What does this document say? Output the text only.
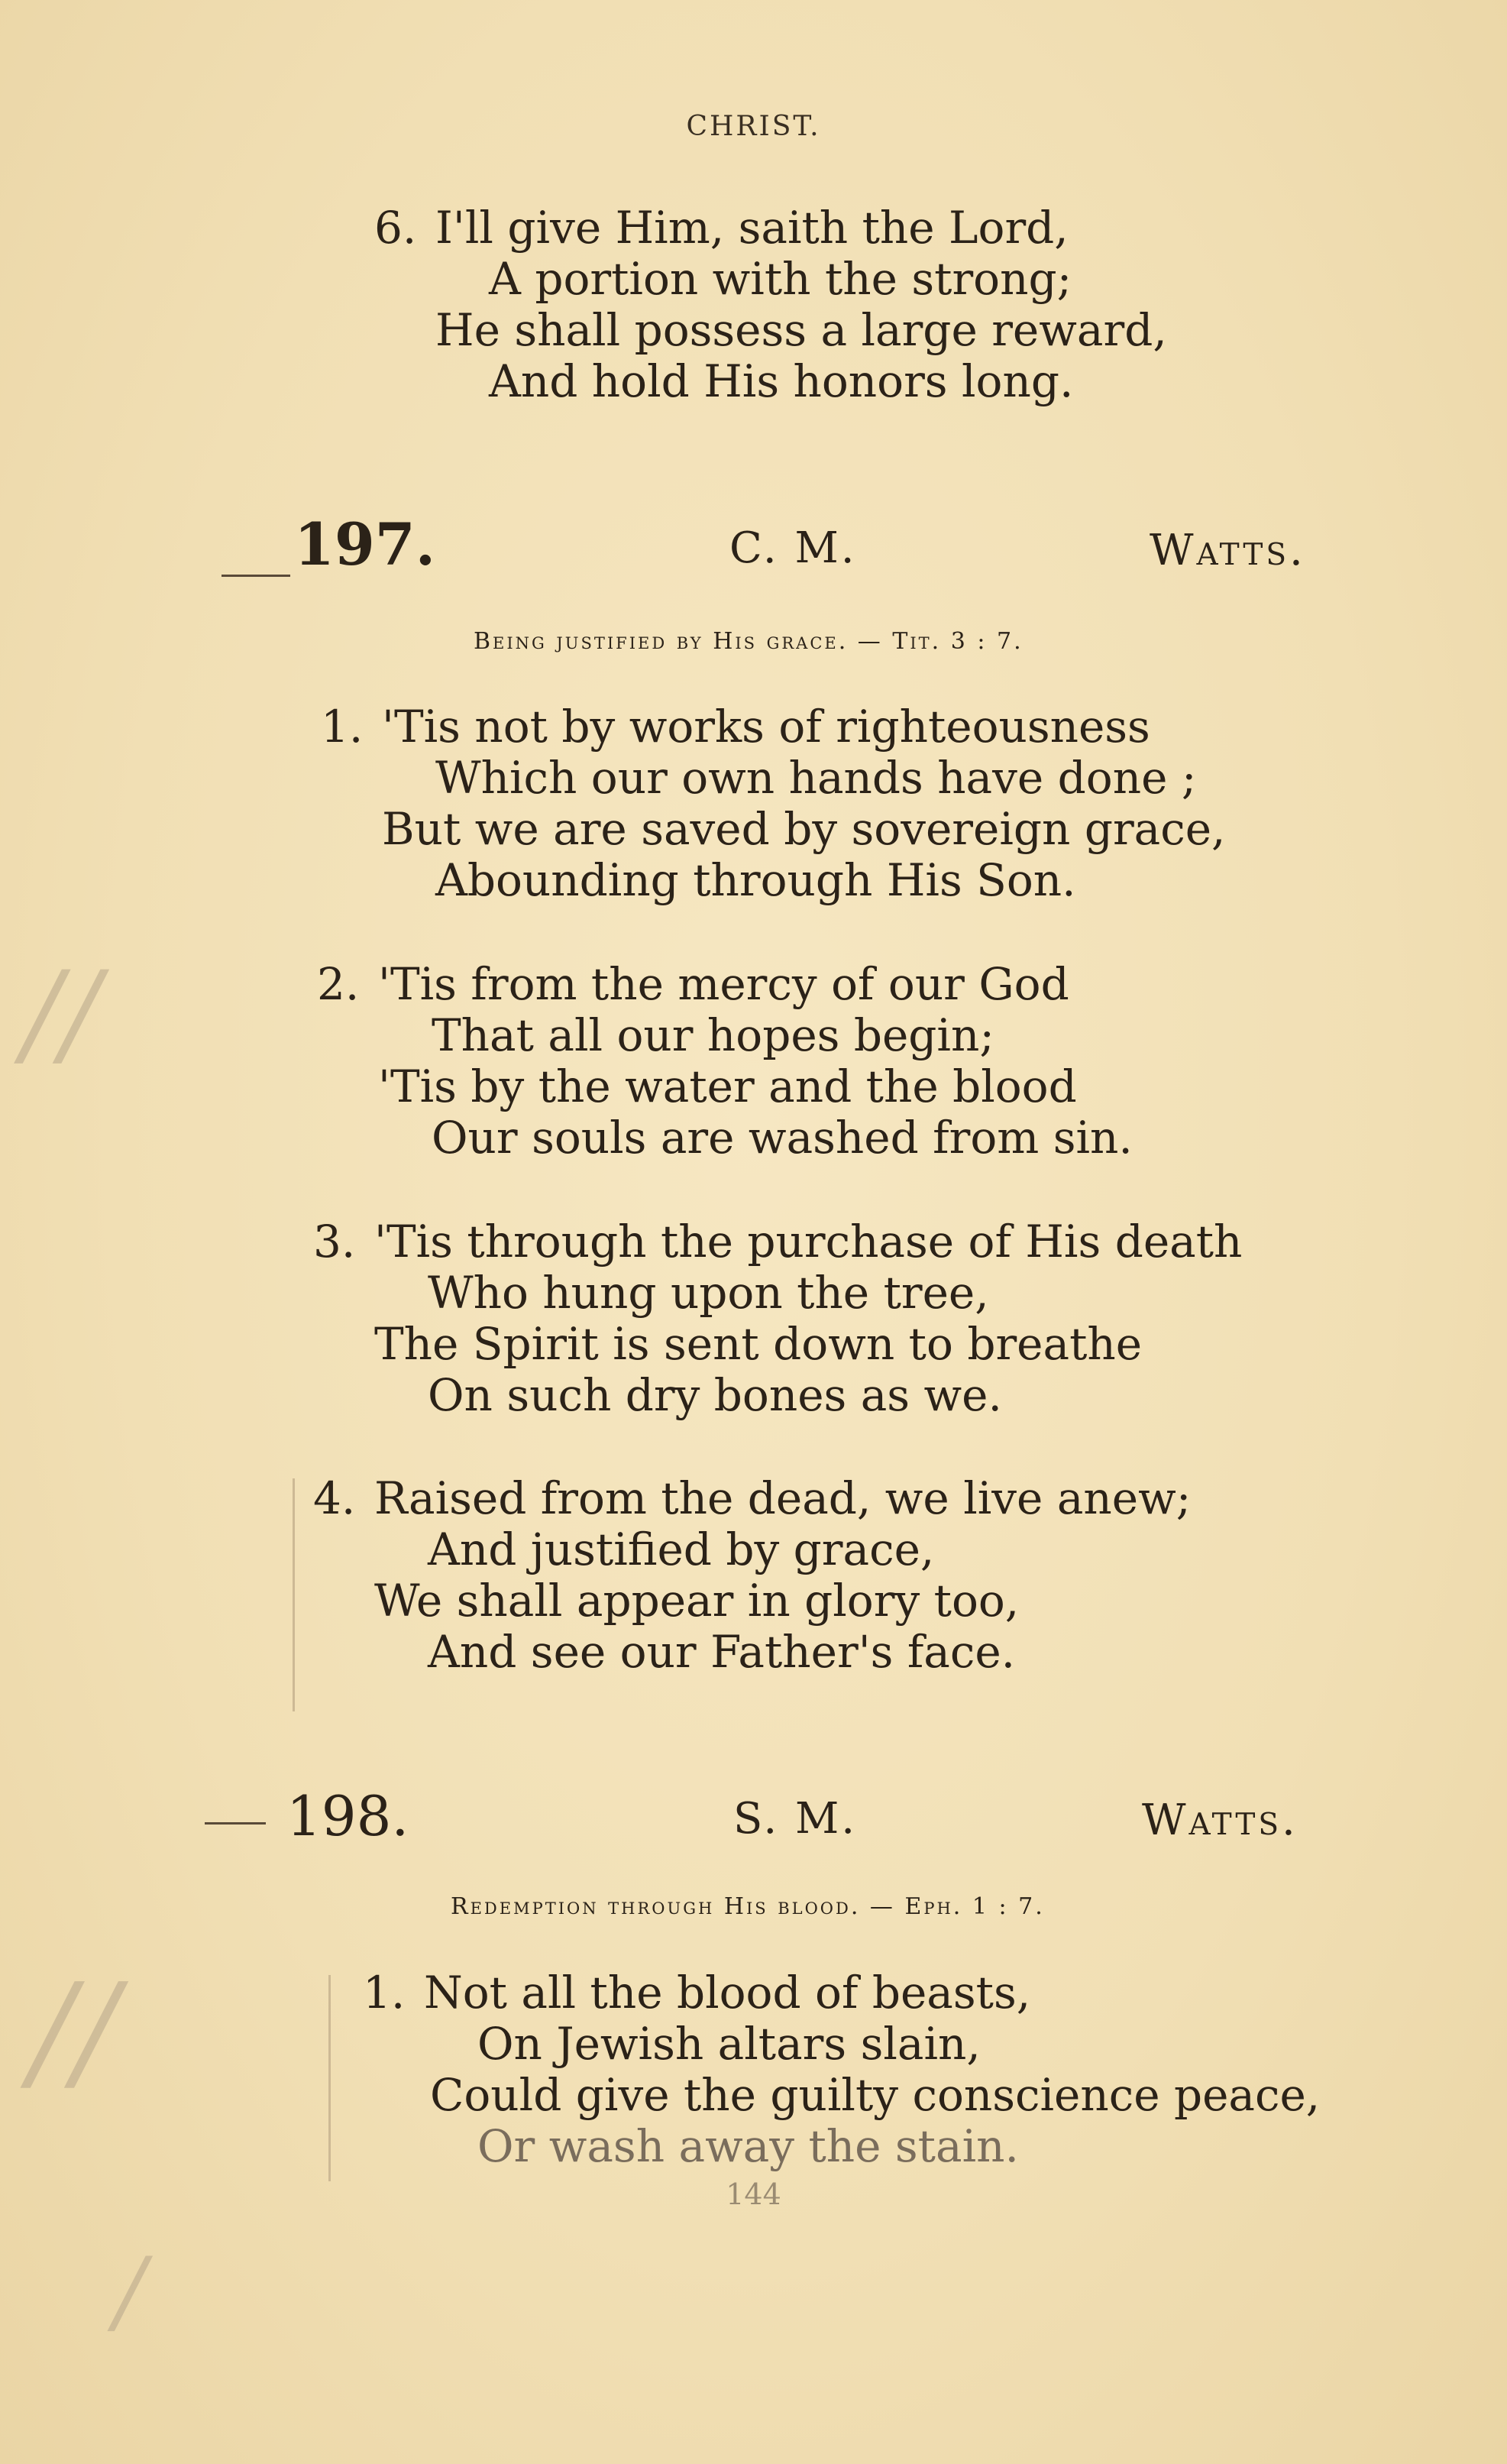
CHRIST.
6. I'll give Him, saith the Lord,
A portion with the strong;
He shall possess a large reward,
And hold His honors long.
197.	C. M.	Watts.
Being justified by His grace. — Tit. 3 : 7.
1. 'Tis not by works of righteousness
Which our own hands have done ;
But we are saved by sovereign grace,
Abounding through His Son.
2. 'Tis from the mercy of our God
That all our hopes begin;
'Tis by the water and the blood
Our souls are washed from sin.
3. 'Tis through the purchase of His death
Who hung upon the tree,
The Spirit is sent down to breathe
On such dry bones as we.
4. Raised from the dead, we live anew;
And justified by grace,
We shall appear in glory too,
And see our Father's face.
198.	S. M.	Watts.
Redemption through His blood. — Eph. 1 : 7.
1. Not all the blood of beasts,
On Jewish altars slain,
Could give the guilty conscience peace,
Or wash away the stain.
144
∕∕
∕∕
∕
